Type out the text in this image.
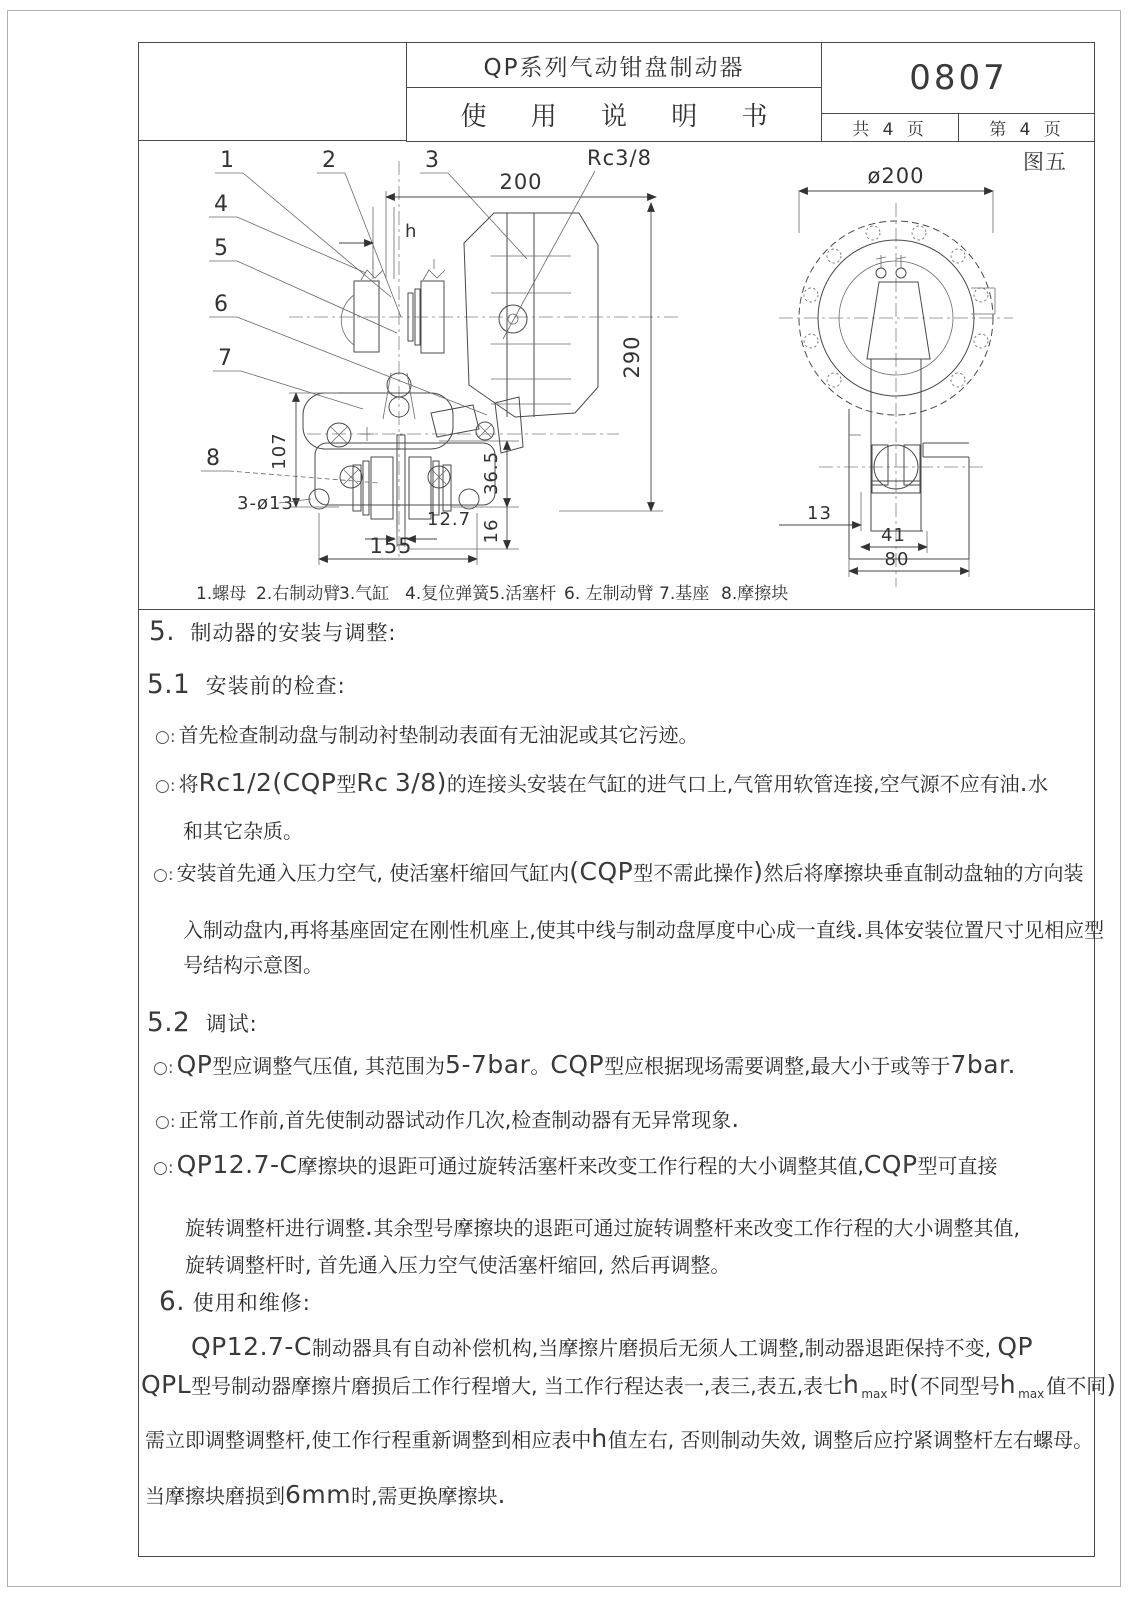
QP系列气动钳盘制动器
使 用 说 明 书
0807
共 4 页	第 4 页
1	2	3
4
5
6
7
8
200
Rc3/8
h
290
107
3-ø13
12.7
155
36.5
16
ø200
图五
13
41
80
1.螺母 2.右制动臂
3.气缸 4.复位弹簧 5.活塞杆 6. 左制动臂 7.基座 8.摩擦块
5.  制动器的安装与调整:
5.1  安装前的检查:
○: 首先检查制动盘与制动衬垫制动表面有无油泥或其它污迹。
○: 将Rc1/2(CQP型Rc 3/8)的连接头安装在气缸的进气口上,气管用软管连接,空气源不应有油.水
和其它杂质。
○: 安装首先通入压力空气, 使活塞杆缩回气缸内(CQP型不需此操作)然后将摩擦块垂直制动盘轴的方向装
入制动盘内,再将基座固定在刚性机座上,使其中线与制动盘厚度中心成一直线.具体安装位置尺寸见相应型
号结构示意图。
5.2  调试:
○: QP型应调整气压值, 其范围为5-7bar。CQP型应根据现场需要调整,最大小于或等于7bar.
○: 正常工作前,首先使制动器试动作几次,检查制动器有无异常现象.
○: QP12.7-C摩擦块的退距可通过旋转活塞杆来改变工作行程的大小调整其值,CQP型可直接
旋转调整杆进行调整.其余型号摩擦块的退距可通过旋转调整杆来改变工作行程的大小调整其值,
旋转调整杆时, 首先通入压力空气使活塞杆缩回, 然后再调整。
6. 使用和维修:
QP12.7-C制动器具有自动补偿机构,当摩擦片磨损后无须人工调整,制动器退距保持不变, QP
QPL型号制动器摩擦片磨损后工作行程增大, 当工作行程达表一,表三,表五,表七h $_{max}$ 时(不同型号h $_{max}$ 值不同)
需立即调整调整杆,使工作行程重新调整到相应表中h值左右, 否则制动失效, 调整后应拧紧调整杆左右螺母。
当摩擦块磨损到6mm时,需更换摩擦块.
